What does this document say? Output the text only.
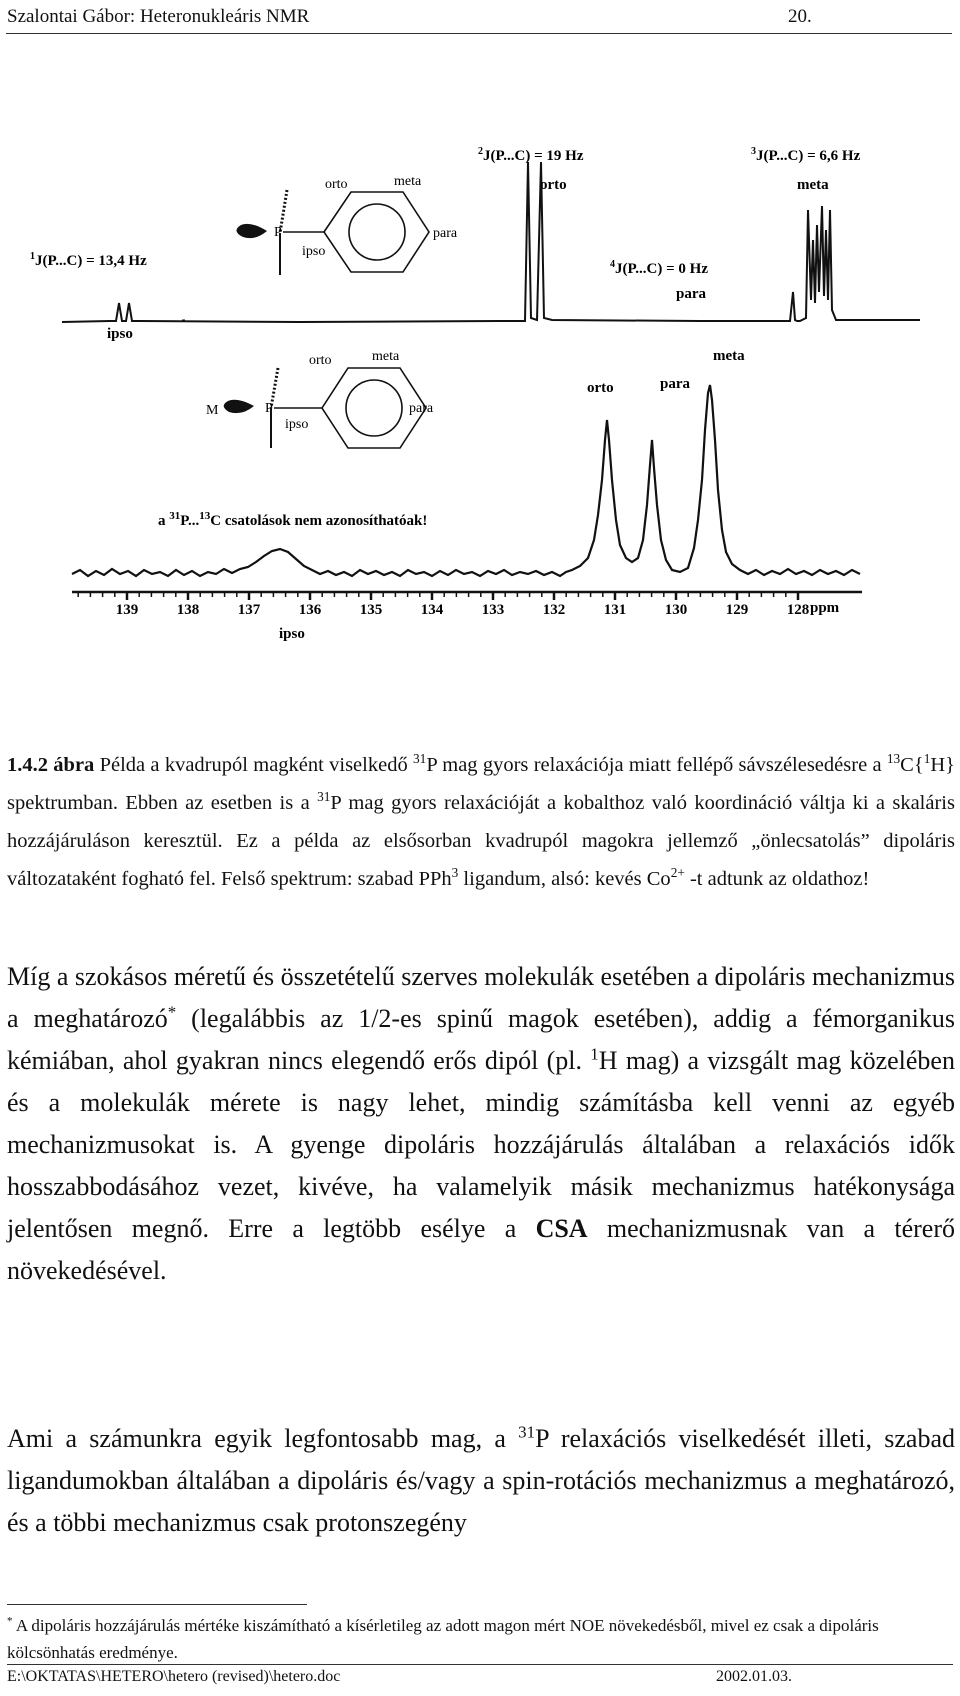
Szalontai Gábor: Heteronukleáris NMR	20.
P
orto	meta
para
ipso
$^1$J(P...C) = 13,4 Hz
$^2$J(P...C) = 19 Hz	$^3$J(P...C) = 6,6 Hz
$^4$J(P...C) = 0 Hz
ipso
orto	meta
para
M	P
orto	meta
para
ipso
a $^{31}$P...$^{13}$C csatolások nem azonosíthatóak!
orto	para
meta
139	138	137	136	135	134	133	132	131	130	129	128 ppm
ipso

1.4.2 ábra Példa a kvadrupól magként viselkedő $^{31}$P mag gyors relaxációja miatt fellépő sávszélesedésre a $^{13}$C{$^1$H} spektrumban. Ebben az esetben is a $^{31}$P mag gyors relaxációját a kobalthoz való koordináció váltja ki a skaláris hozzájáruláson keresztül. Ez a példa az elsősorban kvadrupól magokra jellemző „önlecsatolás” dipoláris változataként fogható fel. Felső spektrum: szabad PPh$^3$ ligandum, alsó: kevés $Co^{2+}$ -t adtunk az oldathoz!

Míg a szokásos méretű és összetételű szerves molekulák esetében a dipoláris mechanizmus a meghatározó* (legalábbis az 1/2-es spinű magok esetében), addig a fémorganikus kémiában, ahol gyakran nincs elegendő erős dipól (pl. $^1$H mag) a vizsgált mag közelében és a molekulák mérete is nagy lehet, mindig számításba kell venni az egyéb mechanizmusokat is. A gyenge dipoláris hozzájárulás általában a relaxációs idők hosszabbodásához vezet, kivéve, ha valamelyik másik mechanizmus hatékonysága jelentősen megnő. Erre a legtöbb esélye a CSA mechanizmusnak van a térerő növekedésével.

Ami a számunkra egyik legfontosabb mag, a $^{31}$P relaxációs viselkedését illeti, szabad ligandumokban általában a dipoláris és/vagy a spin-rotációs mechanizmus a meghatározó, és a többi mechanizmus csak protonszegény

* A dipoláris hozzájárulás mértéke kiszámítható a kísérletileg az adott magon mért NOE növekedésből, mivel ez csak a dipoláris kölcsönhatás eredménye.
E:\OKTATAS\HETERO\hetero (revised)\hetero.doc	2002.01.03.
